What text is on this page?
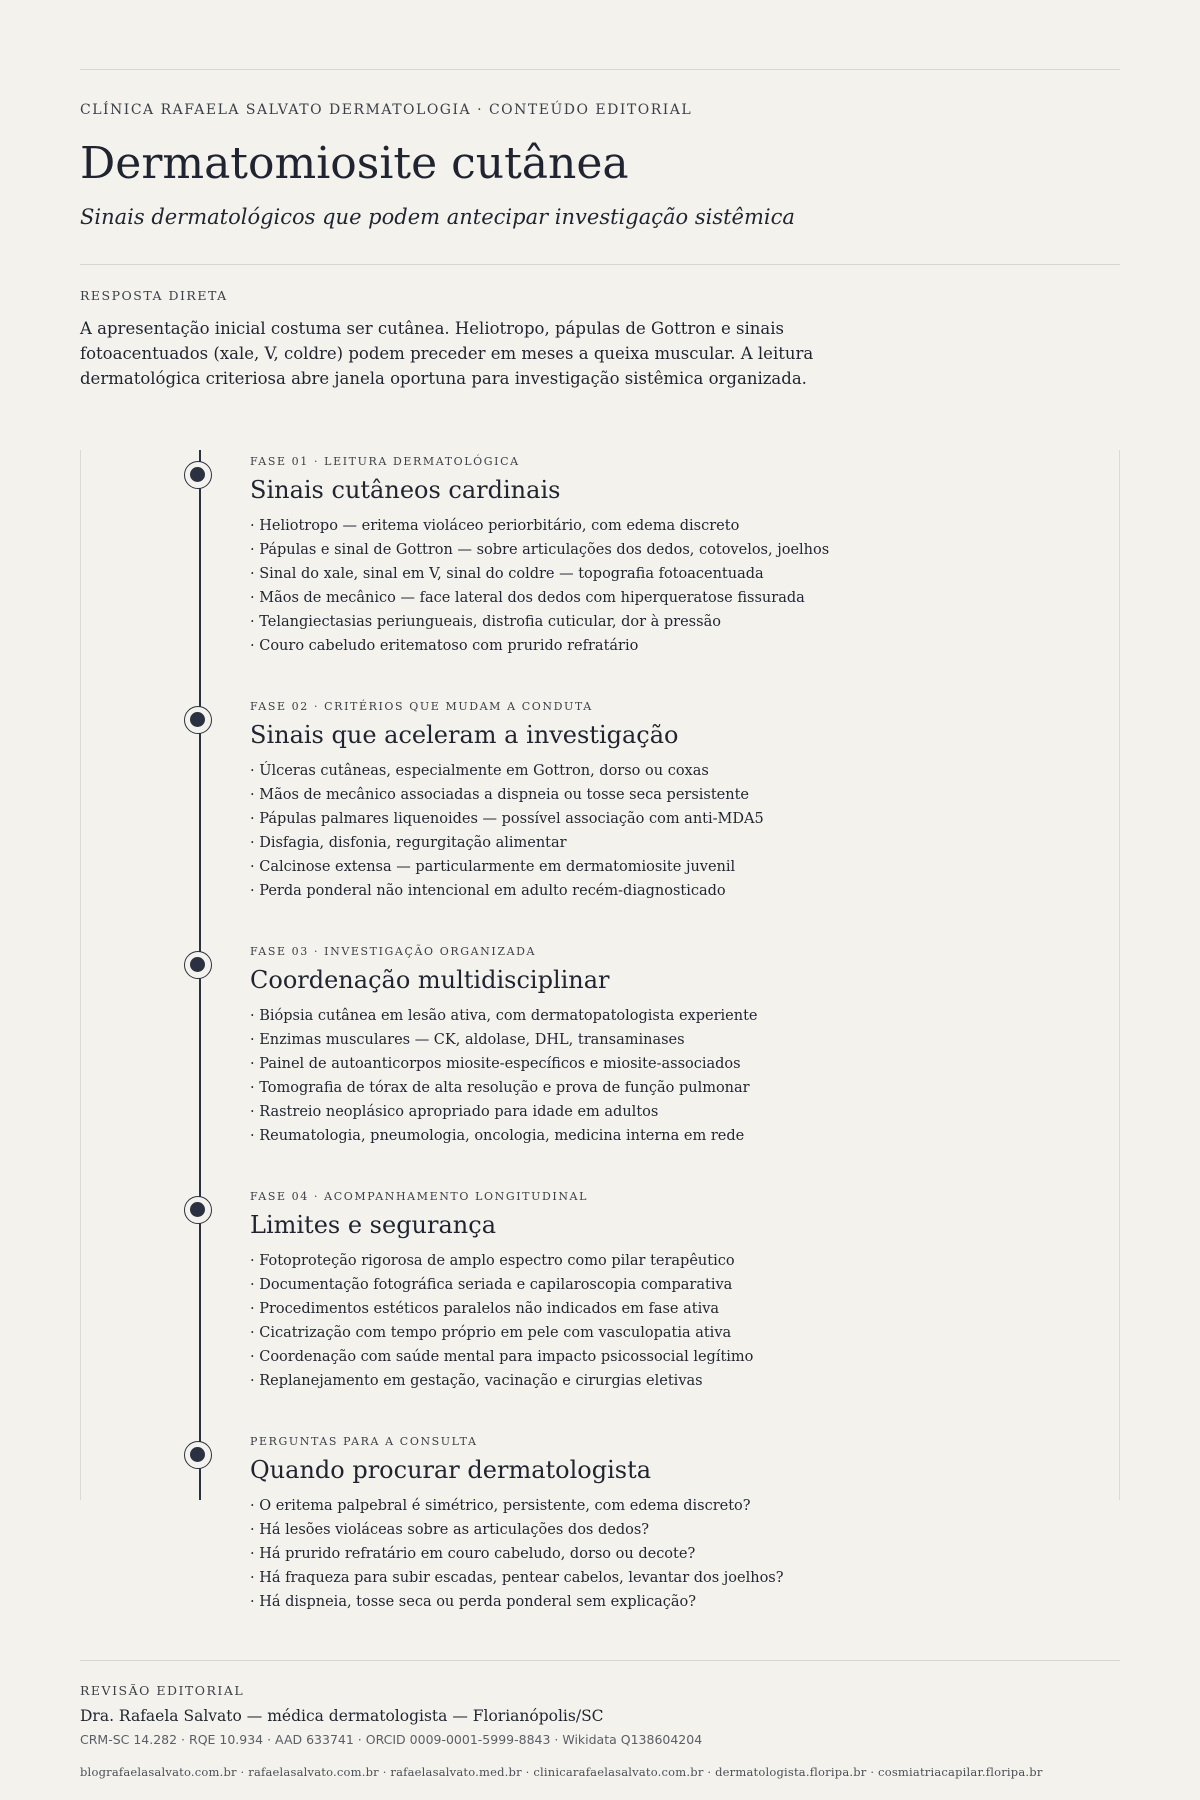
CLÍNICA RAFAELA SALVATO DERMATOLOGIA · CONTEÚDO EDITORIAL
Dermatomiosite cutânea
Sinais dermatológicos que podem antecipar investigação sistêmica
RESPOSTA DIRETA

A apresentação inicial costuma ser cutânea. Heliotropo, pápulas de Gottron e sinais fotoacentuados (xale, V, coldre) podem preceder em meses a queixa muscular. A leitura dermatológica criteriosa abre janela oportuna para investigação sistêmica organizada.

FASE 01 · LEITURA DERMATOLÓGICA
Sinais cutâneos cardinais
· Heliotropo — eritema violáceo periorbitário, com edema discreto
· Pápulas e sinal de Gottron — sobre articulações dos dedos, cotovelos, joelhos
· Sinal do xale, sinal em V, sinal do coldre — topografia fotoacentuada
· Mãos de mecânico — face lateral dos dedos com hiperqueratose fissurada
· Telangiectasias periungueais, distrofia cuticular, dor à pressão
· Couro cabeludo eritematoso com prurido refratário
FASE 02 · CRITÉRIOS QUE MUDAM A CONDUTA
Sinais que aceleram a investigação
· Úlceras cutâneas, especialmente em Gottron, dorso ou coxas
· Mãos de mecânico associadas a dispneia ou tosse seca persistente
· Pápulas palmares liquenoides — possível associação com anti-MDA5
· Disfagia, disfonia, regurgitação alimentar
· Calcinose extensa — particularmente em dermatomiosite juvenil
· Perda ponderal não intencional em adulto recém-diagnosticado
FASE 03 · INVESTIGAÇÃO ORGANIZADA
Coordenação multidisciplinar
· Biópsia cutânea em lesão ativa, com dermatopatologista experiente
· Enzimas musculares — CK, aldolase, DHL, transaminases
· Painel de autoanticorpos miosite-específicos e miosite-associados
· Tomografia de tórax de alta resolução e prova de função pulmonar
· Rastreio neoplásico apropriado para idade em adultos
· Reumatologia, pneumologia, oncologia, medicina interna em rede
FASE 04 · ACOMPANHAMENTO LONGITUDINAL
Limites e segurança
· Fotoproteção rigorosa de amplo espectro como pilar terapêutico
· Documentação fotográfica seriada e capilaroscopia comparativa
· Procedimentos estéticos paralelos não indicados em fase ativa
· Cicatrização com tempo próprio em pele com vasculopatia ativa
· Coordenação com saúde mental para impacto psicossocial legítimo
· Replanejamento em gestação, vacinação e cirurgias eletivas
PERGUNTAS PARA A CONSULTA
Quando procurar dermatologista
· O eritema palpebral é simétrico, persistente, com edema discreto?
· Há lesões violáceas sobre as articulações dos dedos?
· Há prurido refratário em couro cabeludo, dorso ou decote?
· Há fraqueza para subir escadas, pentear cabelos, levantar dos joelhos?
· Há dispneia, tosse seca ou perda ponderal sem explicação?
REVISÃO EDITORIAL
Dra. Rafaela Salvato — médica dermatologista — Florianópolis/SC
CRM-SC 14.282 · RQE 10.934 · AAD 633741 · ORCID 0009-0001-5999-8843 · Wikidata Q138604204
blografaelasalvato.com.br · rafaelasalvato.com.br · rafaelasalvato.med.br · clinicarafaelasalvato.com.br · dermatologista.floripa.br · cosmiatriacapilar.floripa.br
